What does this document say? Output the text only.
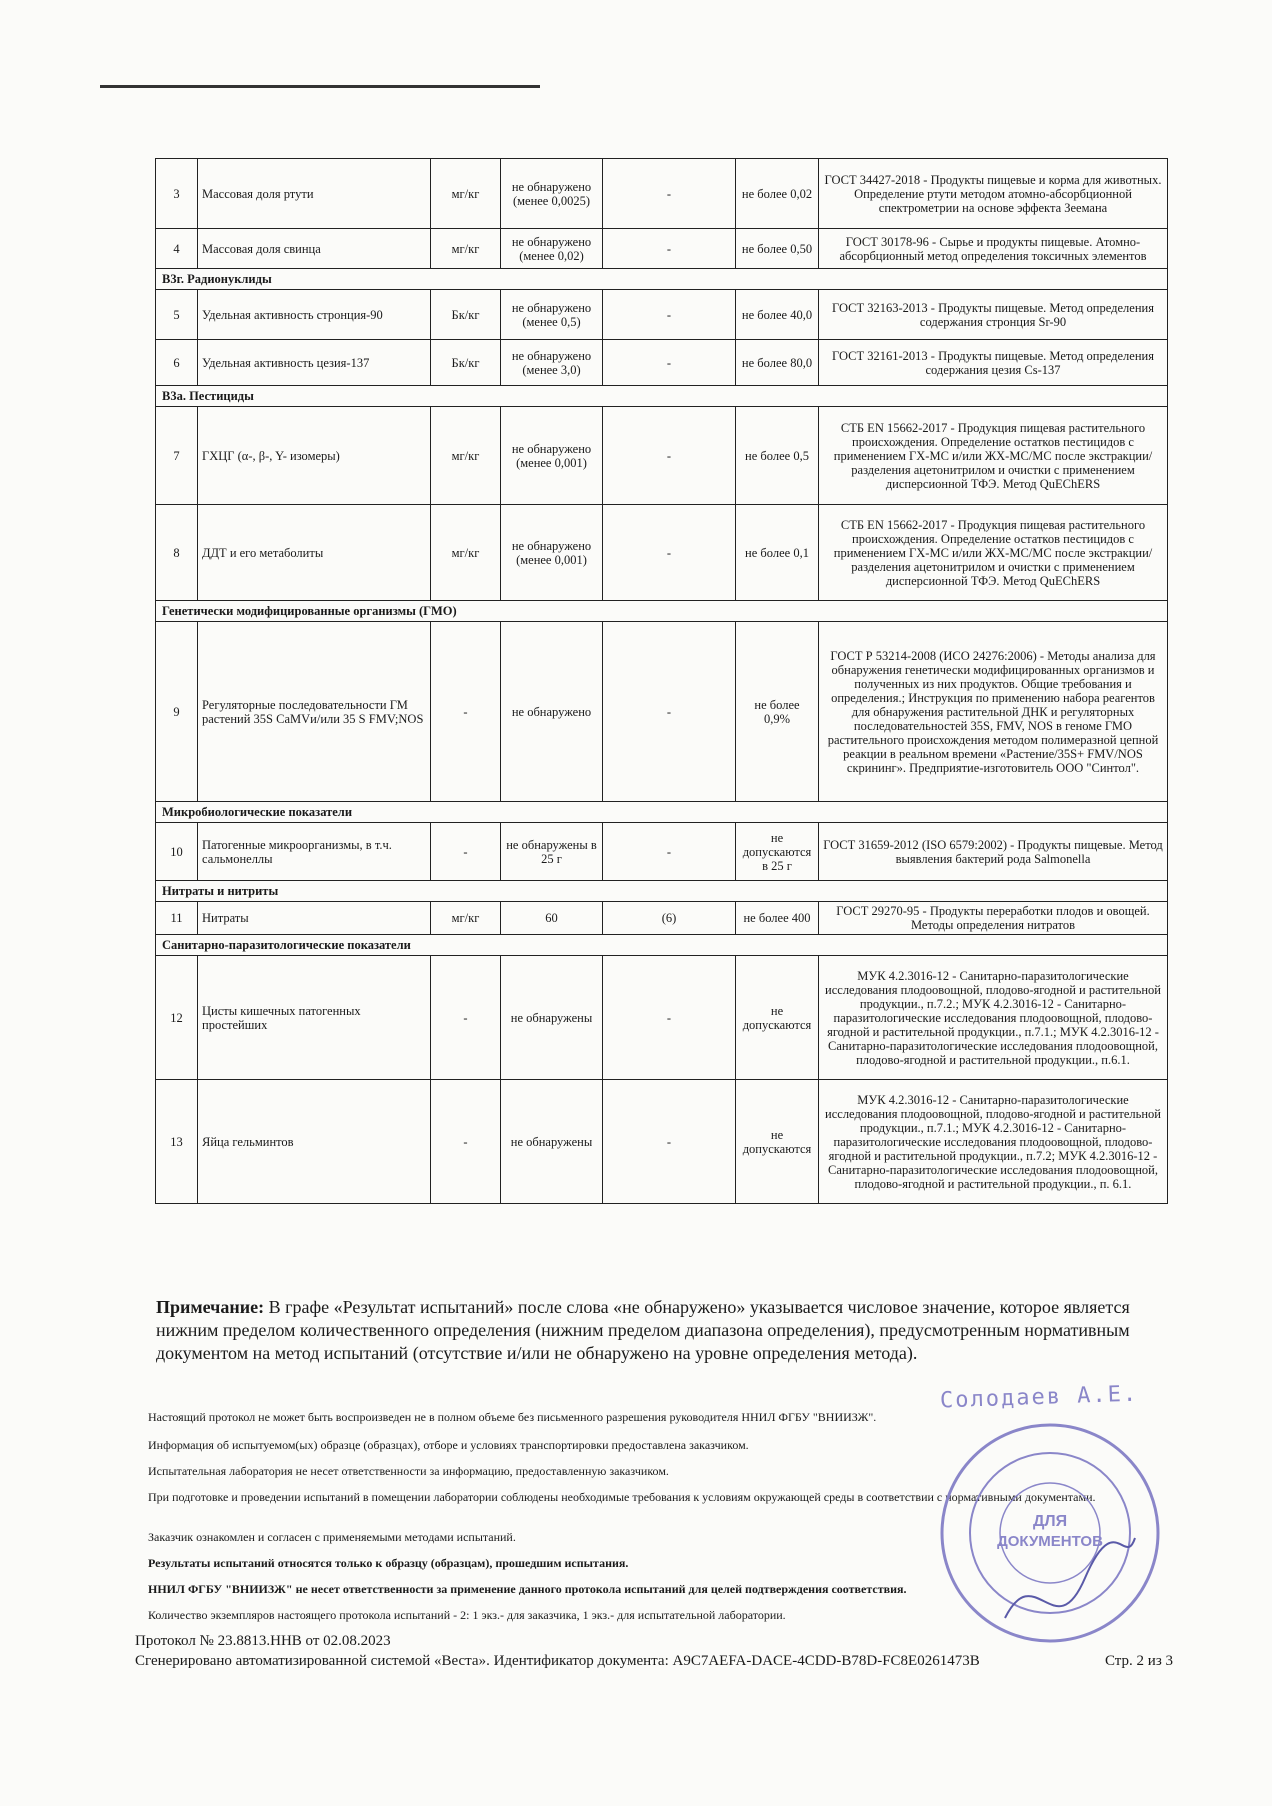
3	Массовая доля ртути	мг/кг	не обнаружено (менее 0,0025)	-	не более 0,02	ГОСТ 34427-2018 - Продукты пищевые и корма для животных. Определение ртути методом атомно-абсорбционной спектрометрии на основе эффекта Зеемана
4	Массовая доля свинца	мг/кг	не обнаружено (менее 0,02)	-	не более 0,50	ГОСТ 30178-96 - Сырье и продукты пищевые. Атомно-абсорбционный метод определения токсичных элементов
В3г. Радионуклиды						
5	Удельная активность стронция-90	Бк/кг	не обнаружено (менее 0,5)	-	не более 40,0	ГОСТ 32163-2013 - Продукты пищевые. Метод определения содержания стронция Sr-90
6	Удельная активность цезия-137	Бк/кг	не обнаружено (менее 3,0)	-	не более 80,0	ГОСТ 32161-2013 - Продукты пищевые. Метод определения содержания цезия Cs-137
В3а. Пестициды						
7	ГХЦГ (α-, β-, Υ- изомеры)	мг/кг	не обнаружено (менее 0,001)	-	не более 0,5	СТБ EN 15662-2017 - Продукция пищевая растительного происхождения. Определение остатков пестицидов с применением ГХ-МС и/или ЖХ-МС/МС после экстракции/разделения ацетонитрилом и очистки с применением дисперсионной ТФЭ. Метод QuEChERS
8	ДДТ и его метаболиты	мг/кг	не обнаружено (менее 0,001)	-	не более 0,1	СТБ EN 15662-2017 - Продукция пищевая растительного происхождения. Определение остатков пестицидов с применением ГХ-МС и/или ЖХ-МС/МС после экстракции/разделения ацетонитрилом и очистки с применением дисперсионной ТФЭ. Метод QuEChERS
Генетически модифицированные организмы (ГМО)						
9	Регуляторные последовательности ГМ растений 35S CaMVи/или 35 S FMV;NOS	-	не обнаружено	-	не более 0,9%	ГОСТ Р 53214-2008 (ИСО 24276:2006) - Методы анализа для обнаружения генетически модифицированных организмов и полученных из них продуктов. Общие требования и определения.; Инструкция по применению набора реагентов для обнаружения растительной ДНК и регуляторных последовательностей 35S, FMV, NOS в геноме ГМО растительного происхождения методом полимеразной цепной реакции в реальном времени «Растение/35S+ FMV/NOS скрининг». Предприятие-изготовитель ООО "Синтол".
Микробиологические показатели						
10	Патогенные микроорганизмы, в т.ч. сальмонеллы	-	не обнаружены в 25 г	-	не допускаются в 25 г	ГОСТ 31659-2012 (ISO 6579:2002) - Продукты пищевые. Метод выявления бактерий рода Salmonella
Нитраты и нитриты						
11	Нитраты	мг/кг	60	(6)	не более 400	ГОСТ 29270-95 - Продукты переработки плодов и овощей. Методы определения нитратов
Санитарно-паразитологические показатели						
12	Цисты кишечных патогенных простейших	-	не обнаружены	-	не допускаются	МУК 4.2.3016-12 - Санитарно-паразитологические исследования плодоовощной, плодово-ягодной и растительной продукции., п.7.2.; МУК 4.2.3016-12 - Санитарно-паразитологические исследования плодоовощной, плодово-ягодной и растительной продукции., п.7.1.; МУК 4.2.3016-12 - Санитарно-паразитологические исследования плодоовощной, плодово-ягодной и растительной продукции., п.6.1.
13	Яйца гельминтов	-	не обнаружены	-	не допускаются	МУК 4.2.3016-12 - Санитарно-паразитологические исследования плодоовощной, плодово-ягодной и растительной продукции., п.7.1.; МУК 4.2.3016-12 - Санитарно-паразитологические исследования плодоовощной, плодово-ягодной и растительной продукции., п.7.2; МУК 4.2.3016-12 - Санитарно-паразитологические исследования плодоовощной, плодово-ягодной и растительной продукции., п. 6.1.
Примечание: В графе «Результат испытаний» после слова «не обнаружено» указывается числовое значение, которое является нижним пределом количественного определения (нижним пределом диапазона определения), предусмотренным нормативным документом на метод испытаний (отсутствие и/или не обнаружено на уровне определения метода).
Солодаев А.Е.
Настоящий протокол не может быть воспроизведен не в полном объеме без письменного разрешения руководителя ННИЛ ФГБУ "ВНИИЗЖ".
Информация об испытуемом(ых) образце (образцах), отборе и условиях транспортировки предоставлена заказчиком.
Испытательная лаборатория не несет ответственности за информацию, предоставленную заказчиком.
При подготовке и проведении испытаний в помещении лаборатории соблюдены необходимые требования к условиям окружающей среды в соответствии с нормативными документами.
Заказчик ознакомлен и согласен с применяемыми методами испытаний.
Результаты испытаний относятся только к образцу (образцам), прошедшим испытания.
ННИЛ ФГБУ "ВНИИЗЖ" не несет ответственности за применение данного протокола испытаний для целей подтверждения соответствия.
Количество экземпляров настоящего протокола испытаний - 2: 1 экз.- для заказчика, 1 экз.- для испытательной лаборатории.
Протокол № 23.8813.ННВ от 02.08.2023
Сгенерировано автоматизированной системой «Веста». Идентификатор документа: A9C7AEFA-DACE-4CDD-B78D-FC8E0261473B	Стр. 2 из 3
ДЛЯ
ДОКУМЕНТОВ
